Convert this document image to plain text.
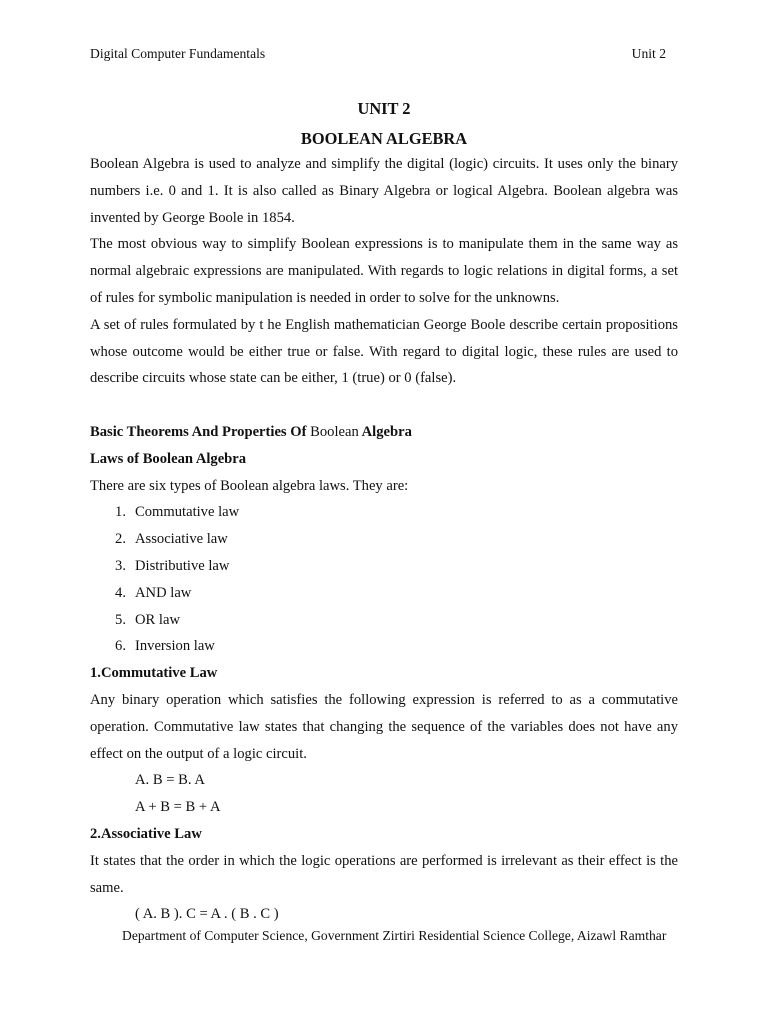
Digital Computer Fundamentals	Unit 2
UNIT 2
BOOLEAN ALGEBRA

Boolean Algebra is used to analyze and simplify the digital (logic) circuits. It uses only the binary numbers i.e. 0 and 1. It is also called as Binary Algebra or logical Algebra. Boolean algebra was invented by George Boole in 1854.

The most obvious way to simplify Boolean expressions is to manipulate them in the same way as normal algebraic expressions are manipulated. With regards to logic relations in digital forms, a set of rules for symbolic manipulation is needed in order to solve for the unknowns.

A set of rules formulated by t he English mathematician George Boole describe certain propositions whose outcome would be either true or false. With regard to digital logic, these rules are used to describe circuits whose state can be either, 1 (true) or 0 (false).

Basic Theorems And Properties Of Boolean Algebra

Laws of Boolean Algebra

There are six types of Boolean algebra laws. They are:

1. Commutative law
2. Associative law
3. Distributive law
4. AND law
5. OR law
6. Inversion law

1.Commutative Law

Any binary operation which satisfies the following expression is referred to as a commutative operation. Commutative law states that changing the sequence of the variables does not have any effect on the output of a logic circuit.

A. B = B. A

A + B = B + A

2.Associative Law

It states that the order in which the logic operations are performed is irrelevant as their effect is the same.

( A. B ). C = A . ( B . C )

Department of Computer Science, Government Zirtiri Residential Science College, Aizawl Ramthar
